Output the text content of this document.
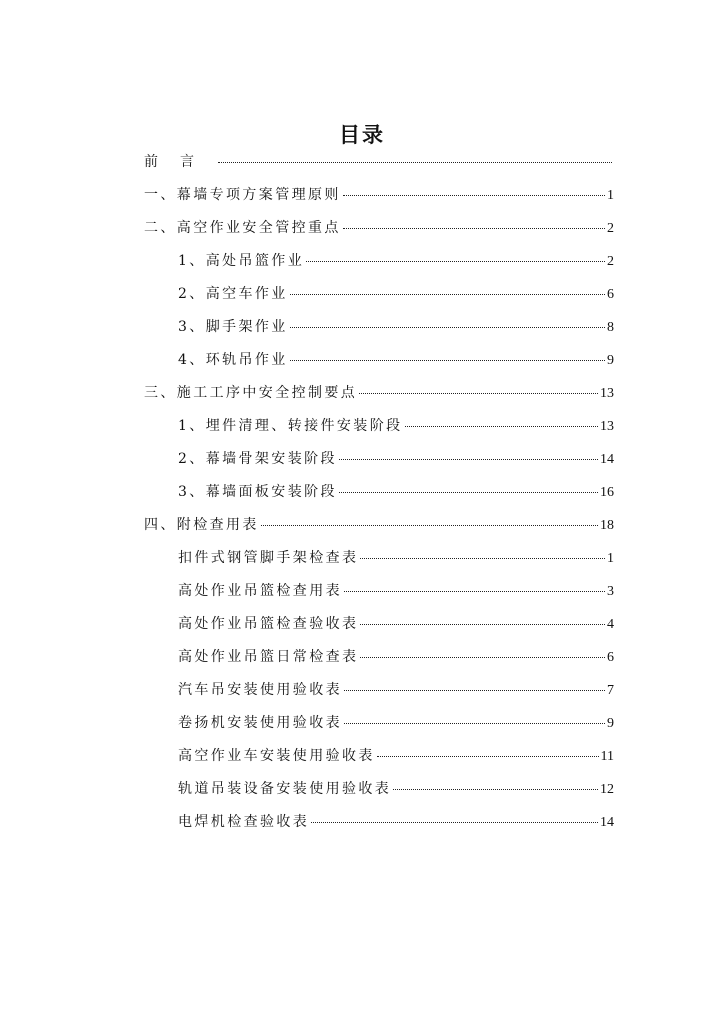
目录
前言
一、幕墙专项方案管理原则	1
二、高空作业安全管控重点	2
1、高处吊篮作业	2
2、高空车作业	6
3、脚手架作业	8
4、环轨吊作业	9
三、施工工序中安全控制要点	13
1、埋件清理、转接件安装阶段	13
2、幕墙骨架安装阶段	14
3、幕墙面板安装阶段	16
四、附检查用表	18
扣件式钢管脚手架检查表	1
高处作业吊篮检查用表	3
高处作业吊篮检查验收表	4
高处作业吊篮日常检查表	6
汽车吊安装使用验收表	7
卷扬机安装使用验收表	9
高空作业车安装使用验收表	11
轨道吊装设备安装使用验收表	12
电焊机检查验收表	14
